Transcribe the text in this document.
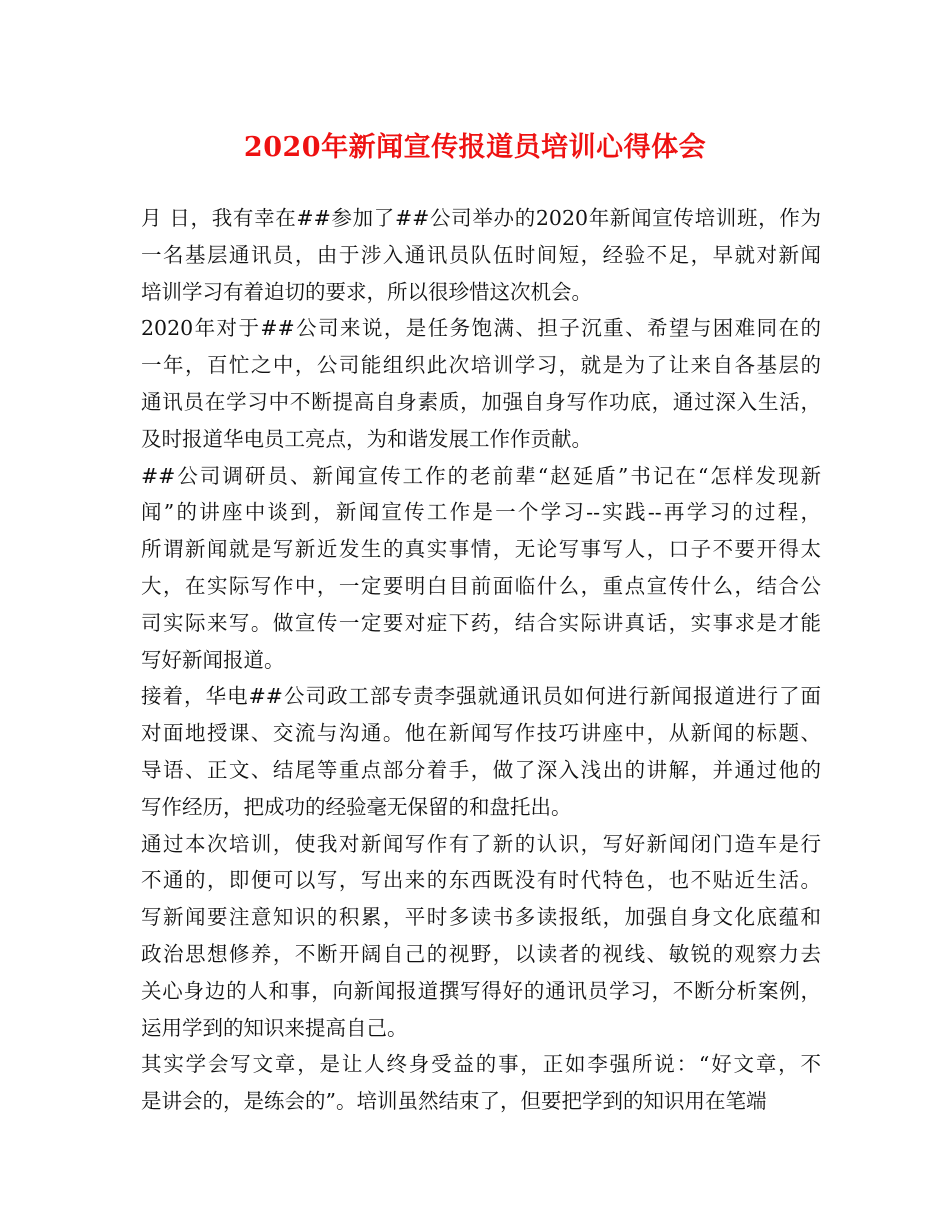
2020年新闻宣传报道员培训心得体会
月 日，我有幸在##参加了##公司举办的2020年新闻宣传培训班，作为
一名基层通讯员，由于涉入通讯员队伍时间短，经验不足，早就对新闻
培训学习有着迫切的要求，所以很珍惜这次机会。
2020年对于##公司来说，是任务饱满、担子沉重、希望与困难同在的
一年，百忙之中，公司能组织此次培训学习，就是为了让来自各基层的
通讯员在学习中不断提高自身素质，加强自身写作功底，通过深入生活，
及时报道华电员工亮点，为和谐发展工作作贡献。
##公司调研员、新闻宣传工作的老前辈“赵延盾”书记在“怎样发现新
闻”的讲座中谈到，新闻宣传工作是一个学习--实践--再学习的过程，
所谓新闻就是写新近发生的真实事情，无论写事写人，口子不要开得太
大，在实际写作中，一定要明白目前面临什么，重点宣传什么，结合公
司实际来写。做宣传一定要对症下药，结合实际讲真话，实事求是才能
写好新闻报道。
接着，华电##公司政工部专责李强就通讯员如何进行新闻报道进行了面
对面地授课、交流与沟通。他在新闻写作技巧讲座中，从新闻的标题、
导语、正文、结尾等重点部分着手，做了深入浅出的讲解，并通过他的
写作经历，把成功的经验毫无保留的和盘托出。
通过本次培训，使我对新闻写作有了新的认识，写好新闻闭门造车是行
不通的，即便可以写，写出来的东西既没有时代特色，也不贴近生活。
写新闻要注意知识的积累，平时多读书多读报纸，加强自身文化底蕴和
政治思想修养，不断开阔自己的视野，以读者的视线、敏锐的观察力去
关心身边的人和事，向新闻报道撰写得好的通讯员学习，不断分析案例，
运用学到的知识来提高自己。
其实学会写文章，是让人终身受益的事，正如李强所说：“好文章，不
是讲会的，是练会的”。培训虽然结束了，但要把学到的知识用在笔端
